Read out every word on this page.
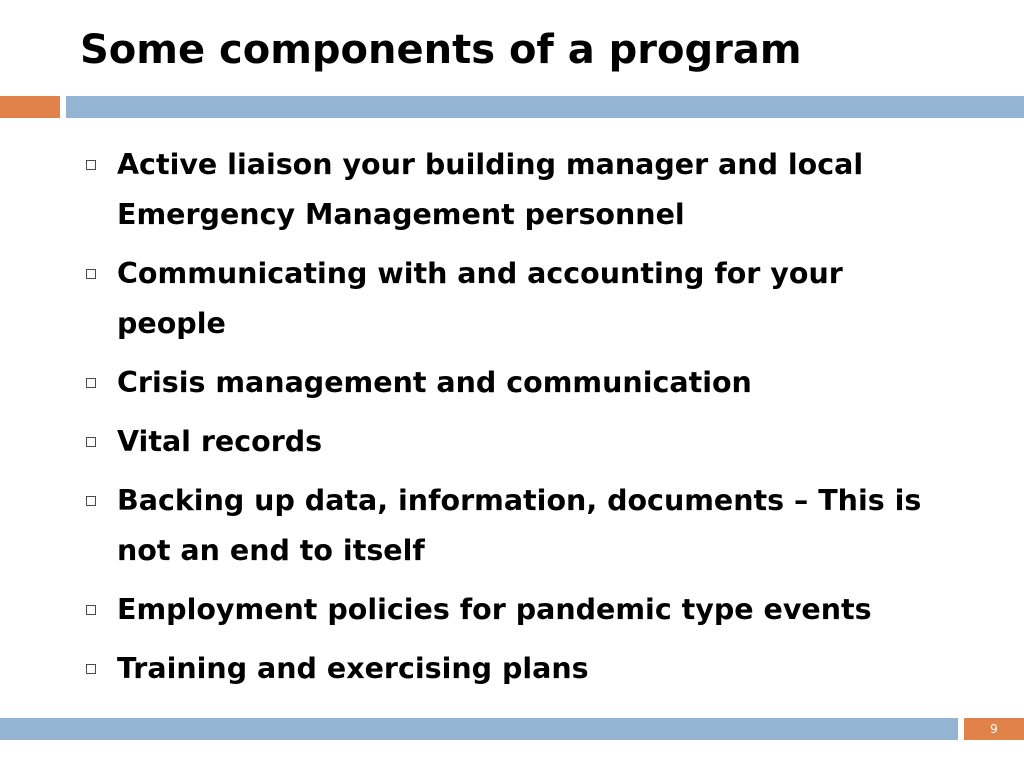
Some components of a program
Active liaison your building manager and local Emergency Management personnel
Communicating with and accounting for your people
Crisis management and communication
Vital records
Backing up data, information, documents – This is not an end to itself
Employment policies for pandemic type events
Training and exercising plans
9
